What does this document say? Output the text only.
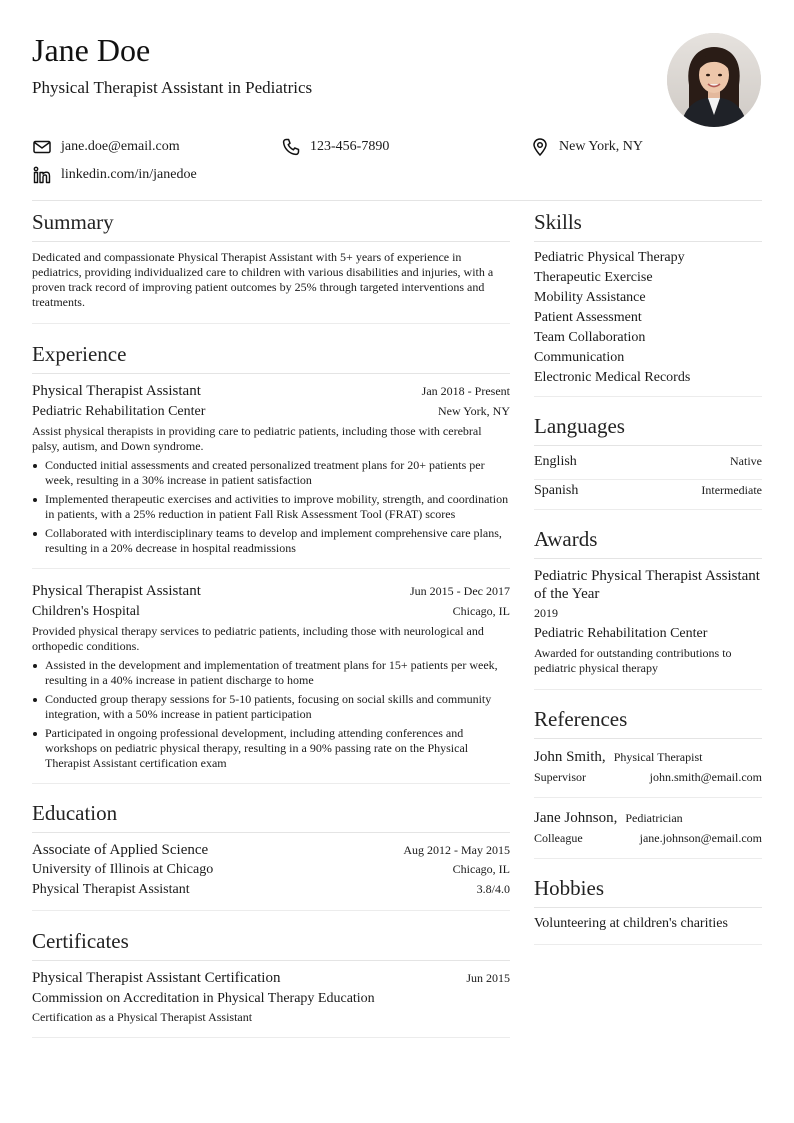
Jane Doe
Physical Therapist Assistant in Pediatrics
jane.doe@email.com	123-456-7890	New York, NY
linkedin.com/in/janedoe
Summary
Dedicated and compassionate Physical Therapist Assistant with 5+ years of experience in pediatrics, providing individualized care to children with various disabilities and injuries, with a proven track record of improving patient outcomes by 25% through targeted interventions and treatments.
Experience
Physical Therapist Assistant	Jan 2018 - Present
Pediatric Rehabilitation Center	New York, NY
Assist physical therapists in providing care to pediatric patients, including those with cerebral palsy, autism, and Down syndrome.
Conducted initial assessments and created personalized treatment plans for 20+ patients per week, resulting in a 30% increase in patient satisfaction
Implemented therapeutic exercises and activities to improve mobility, strength, and coordination in patients, with a 25% reduction in patient Fall Risk Assessment Tool (FRAT) scores
Collaborated with interdisciplinary teams to develop and implement comprehensive care plans, resulting in a 20% decrease in hospital readmissions
Physical Therapist Assistant	Jun 2015 - Dec 2017
Children's Hospital	Chicago, IL
Provided physical therapy services to pediatric patients, including those with neurological and orthopedic conditions.
Assisted in the development and implementation of treatment plans for 15+ patients per week, resulting in a 40% increase in patient discharge to home
Conducted group therapy sessions for 5-10 patients, focusing on social skills and community integration, with a 50% increase in patient participation
Participated in ongoing professional development, including attending conferences and workshops on pediatric physical therapy, resulting in a 90% passing rate on the Physical Therapist Assistant certification exam
Education
Associate of Applied Science	Aug 2012 - May 2015
University of Illinois at Chicago	Chicago, IL
Physical Therapist Assistant	3.8/4.0
Certificates
Physical Therapist Assistant Certification	Jun 2015
Commission on Accreditation in Physical Therapy Education
Certification as a Physical Therapist Assistant
Skills
Pediatric Physical Therapy
Therapeutic Exercise
Mobility Assistance
Patient Assessment
Team Collaboration
Communication
Electronic Medical Records
Languages
English	Native
Spanish	Intermediate
Awards
Pediatric Physical Therapist Assistant of the Year
2019
Pediatric Rehabilitation Center
Awarded for outstanding contributions to pediatric physical therapy
References
John Smith, Physical Therapist
Supervisor	john.smith@email.com
Jane Johnson, Pediatrician
Colleague	jane.johnson@email.com
Hobbies
Volunteering at children's charities
